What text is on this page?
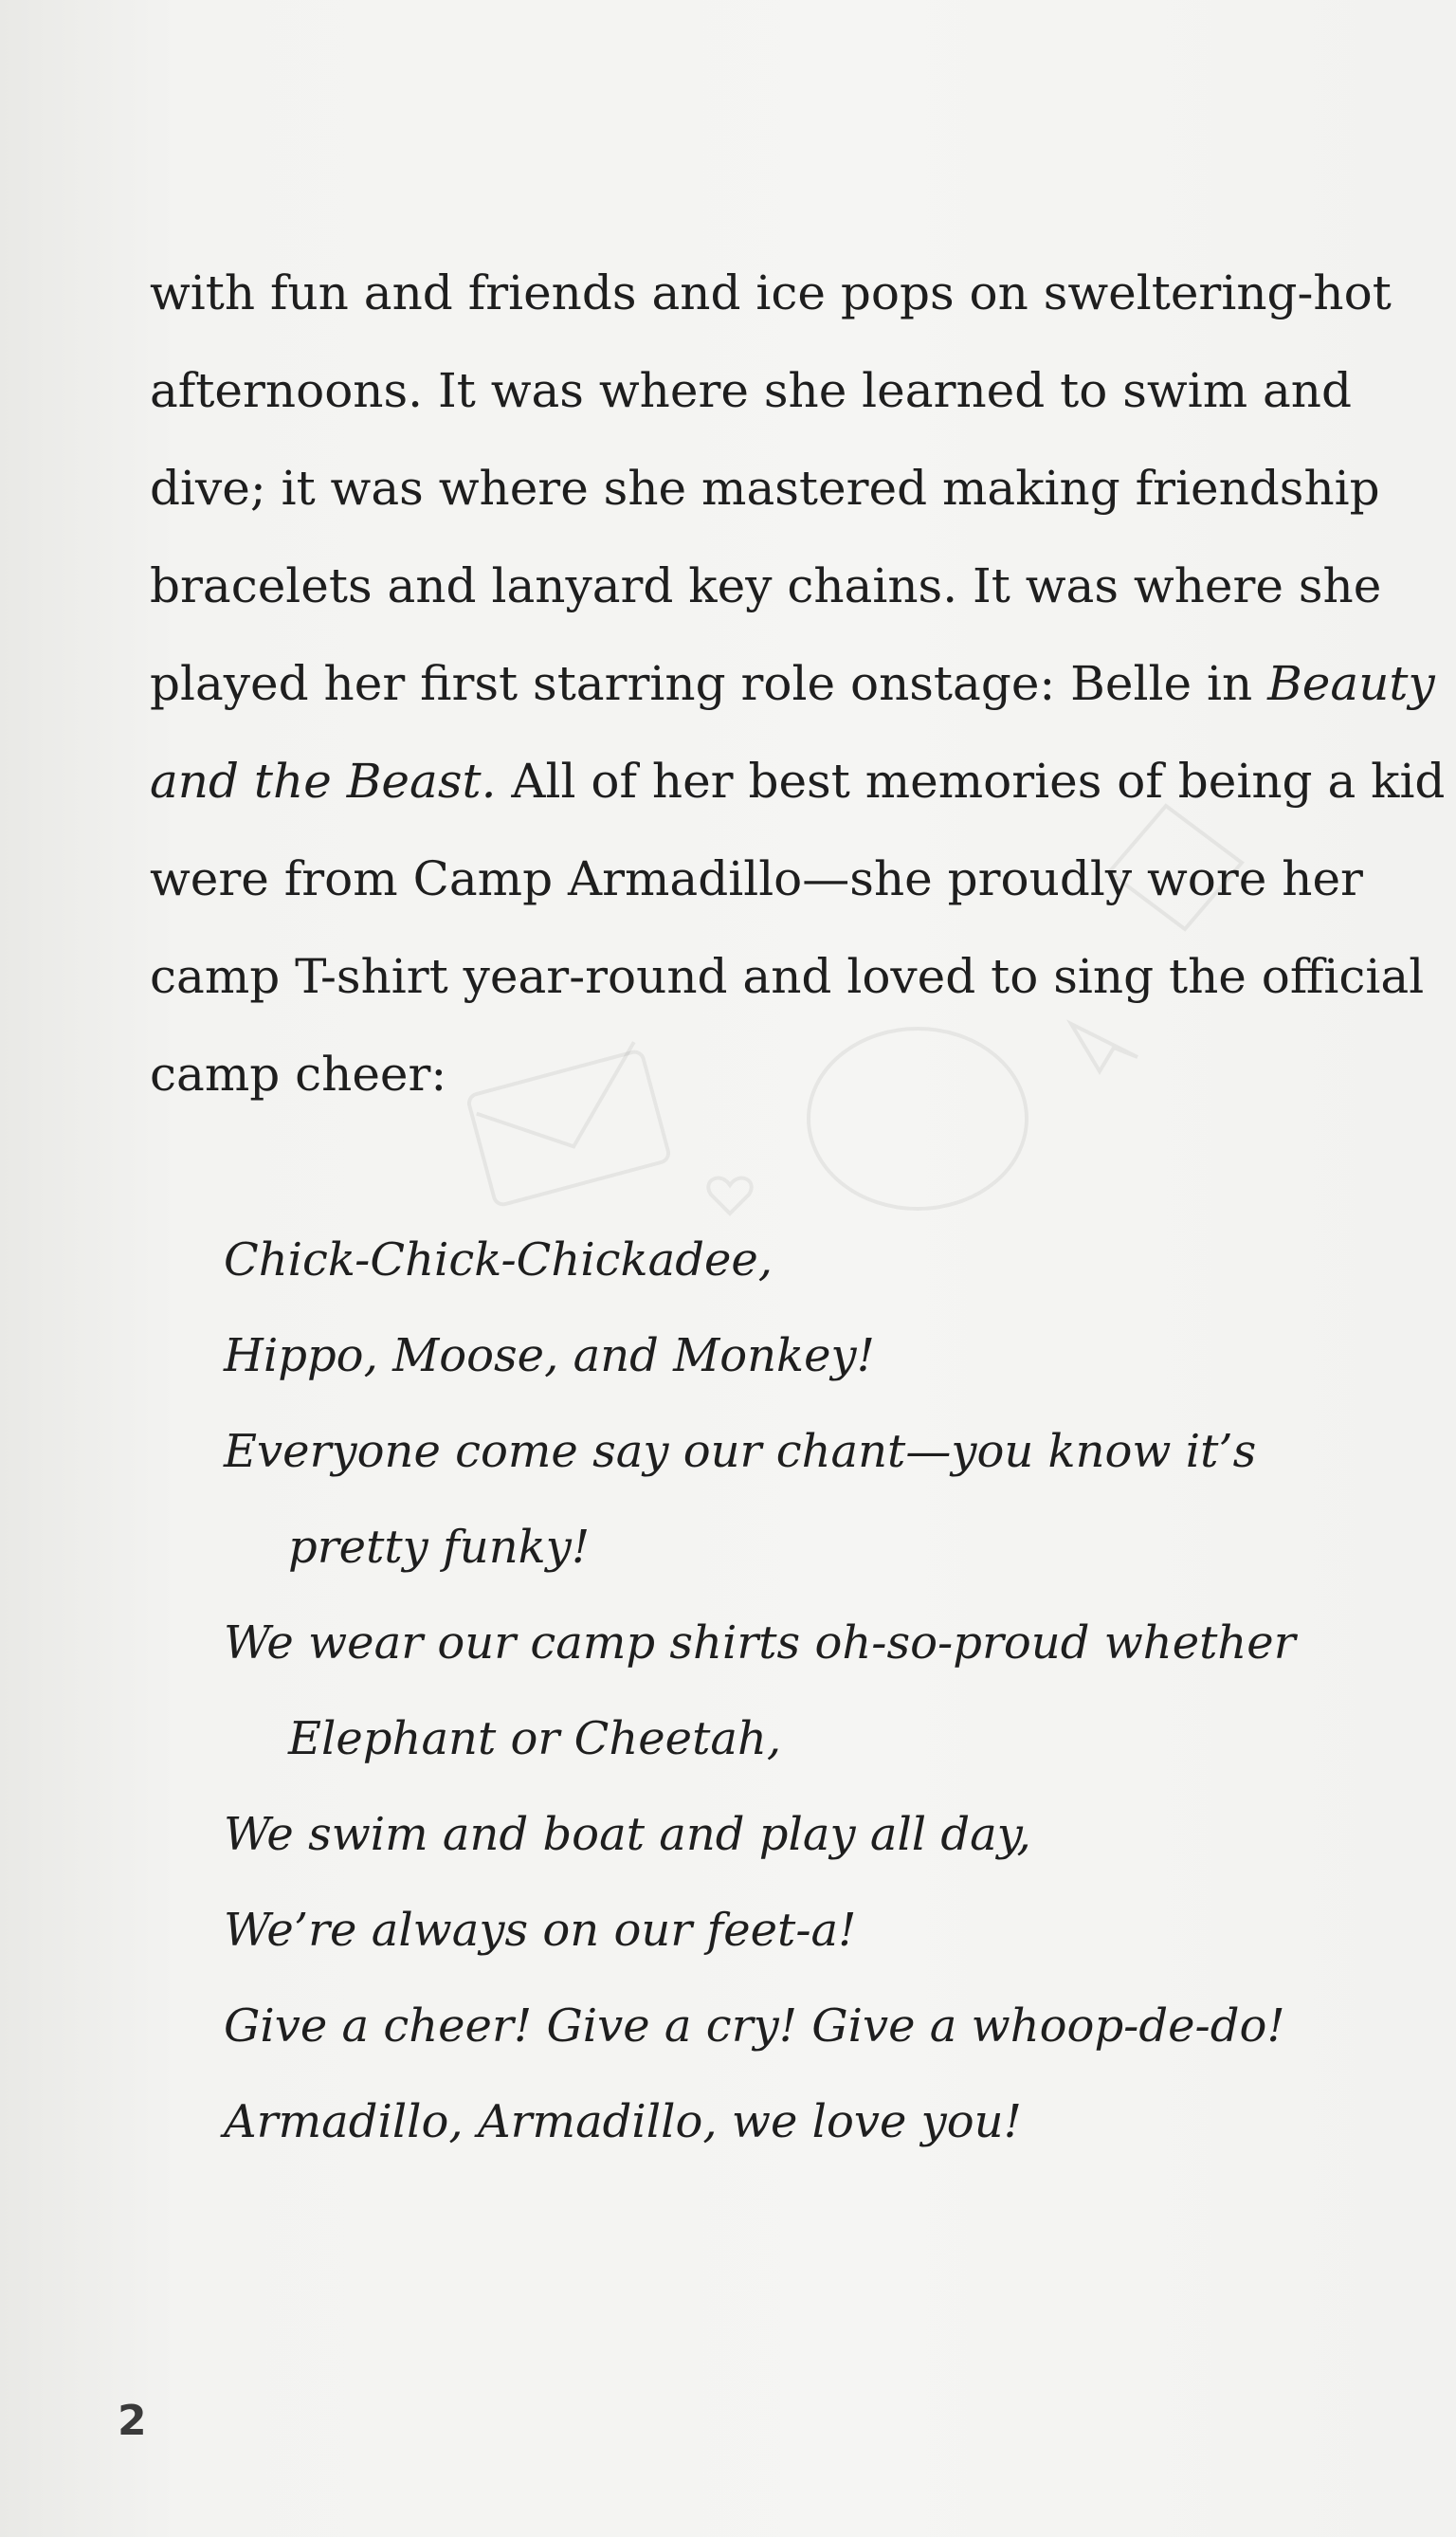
with fun and friends and ice pops on sweltering-hot
afternoons. It was where she learned to swim and
dive; it was where she mastered making friendship
bracelets and lanyard key chains. It was where she
played her first starring role onstage: Belle in Beauty
and the Beast. All of her best memories of being a kid
were from Camp Armadillo—she proudly wore her
camp T-shirt year-round and loved to sing the official
camp cheer:
Chick-Chick-Chickadee,
Hippo, Moose, and Monkey!
Everyone come say our chant—you know it’s
pretty funky!
We wear our camp shirts oh-so-proud whether
Elephant or Cheetah,
We swim and boat and play all day,
We’re always on our feet-a!
Give a cheer! Give a cry! Give a whoop-de-do!
Armadillo, Armadillo, we love you!
2
